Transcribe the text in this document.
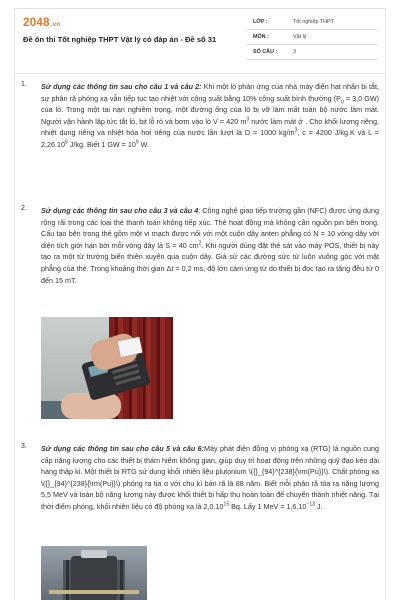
2048.vn
Đề ôn thi Tốt nghiệp THPT Vật lý có đáp án - Đề số 31
LỚP :	Tốt nghiệp THPT
MÔN :	Vật lý
SỐ CÂU :	3
1. Sử dụng các thông tin sau cho câu 1 và câu 2: Khi một lò phản ứng của nhà máy điện hạt nhân bị tắt, sự phân rã phóng xạ vẫn tiếp tục tạo nhiệt với công suất bằng 10% công suất bình thường ($P_0 = 3,0$ GW) của lò. Trong một tai nạn nghiêm trọng, một đường ống của lò bị vỡ làm mất toàn bộ nước làm mát. Người vận hành lập tức tắt lò, bịt lỗ rò và bơm vào lò V = 420 $m^3$ nước làm mát ở . Cho khối lượng riêng, nhiệt dung riêng và nhiệt hóa hơi riêng của nước lần lượt là D = 1000 $kg/m^3$, c = 4200 J/kg.K và $L = 2,26.10^6$ J/kg. Biết 1 GW = $10^9$ W.
2. Sử dụng các thông tin sau cho câu 3 và câu 4: Công nghệ giao tiếp trường gần (NFC) được ứng dụng rộng rãi trong các loại thẻ thanh toán không tiếp xúc. Thẻ hoạt động mà không cần nguồn pin bên trong. Cấu tạo bên trong thẻ gồm một vi mạch được nối với một cuộn dây anten phẳng có N = 10 vòng dây với diện tích giới hạn bởi mỗi vòng dây là S = 40 $cm^2$. Khi người dùng đặt thẻ sát vào máy POS, thiết bị này tạo ra một từ trường biến thiên xuyên qua cuộn dây. Giả sử các đường sức từ luôn vuông góc với mặt phẳng của thẻ. Trong khoảng thời gian Δt = 0,2 ms, độ lớn cảm ứng từ do thiết bị đọc tạo ra tăng đều từ 0 đến 15 mT.
3. Sử dụng các thông tin sau cho câu 5 và câu 6:Máy phát điện đồng vị phóng xạ (RTG) là nguồn cung cấp năng lượng cho các thiết bị thám hiểm không gian, giúp duy trì hoạt động trên những quỹ đạo kéo dài hàng thập kỉ. Một thiết bị RTG sử dụng khối nhiên liệu plutonium \({}_{94}^{238}{\rm{Pu}}\). Chất phóng xạ \({}_{94}^{238}{\rm{Pu}}\) phóng ra tia α với chu kì bán rã là 88 năm. Biết mỗi phân rã tỏa ra năng lượng 5,5 MeV và toàn bộ năng lượng này được khối thiết bị hấp thụ hoàn toàn để chuyển thành nhiệt năng. Tại thời điểm phóng, khối nhiên liệu có độ phóng xạ là 2,0.10$^{15}$ Bq. Lấy 1 MeV = $1,6.10^{-13}$ J.
